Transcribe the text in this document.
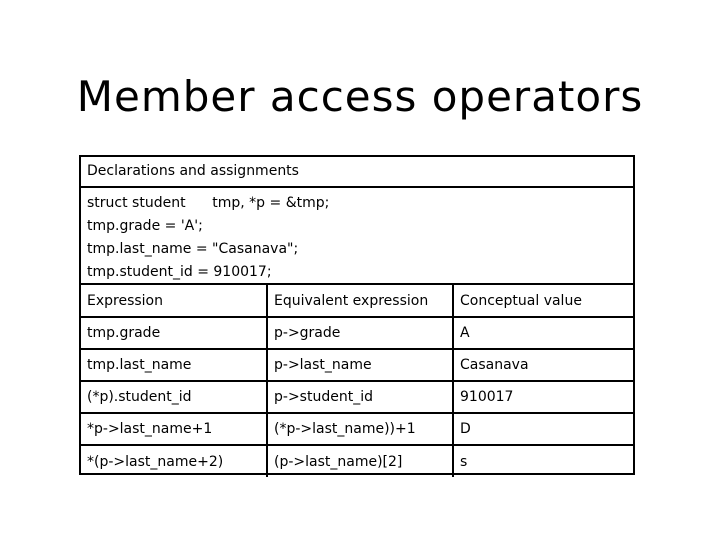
Member access operators
Declarations and assignments
struct student      tmp, *p = &tmp;
tmp.grade = 'A';
tmp.last_name = "Casanava";
tmp.student_id = 910017;
Expression	Equivalent expression	Conceptual value
tmp.grade	p->grade	A
tmp.last_name	p->last_name	Casanava
(*p).student_id	p->student_id	910017
*p->last_name+1	(*p->last_name))+1	D
*(p->last_name+2)	(p->last_name)[2]	s
